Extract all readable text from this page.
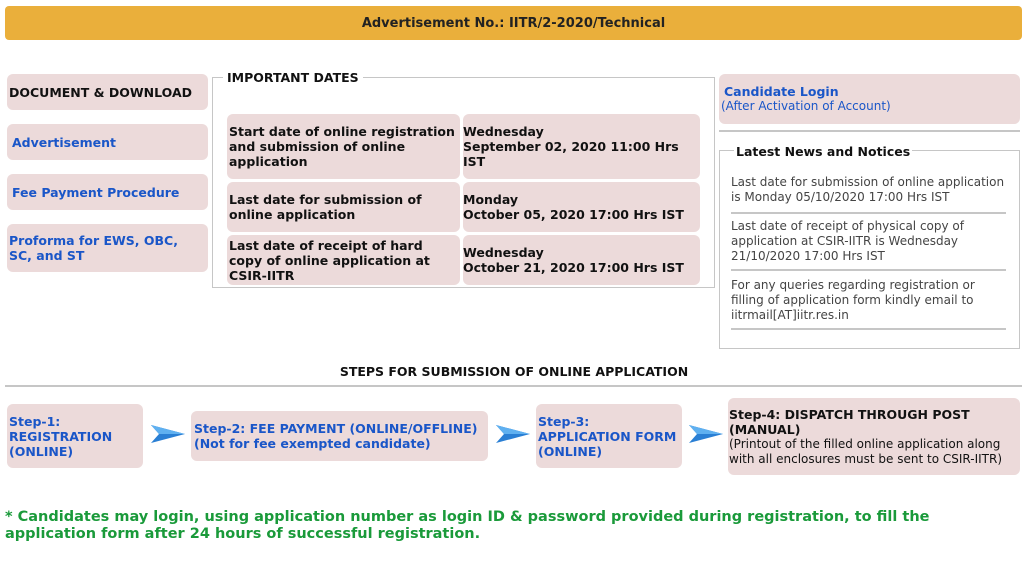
Advertisement No.: IITR/2-2020/Technical
DOCUMENT & DOWNLOAD
Advertisement
Fee Payment Procedure
Proforma for EWS, OBC, SC, and ST
IMPORTANT DATES
Start date of online registration and submission of online application
Wednesday
September 02, 2020 11:00 Hrs IST
Last date for submission of online application
Monday
October 05, 2020 17:00 Hrs IST
Last date of receipt of hard copy of online application at CSIR-IITR
Wednesday
October 21, 2020 17:00 Hrs IST
Candidate Login
(After Activation of Account)
Latest News and Notices
Last date for submission of online application is Monday 05/10/2020 17:00 Hrs IST
Last date of receipt of physical copy of application at CSIR-IITR is Wednesday 21/10/2020 17:00 Hrs IST
For any queries regarding registration or filling of application form kindly email to iitrmail[AT]iitr.res.in
STEPS FOR SUBMISSION OF ONLINE APPLICATION
Step-1:
REGISTRATION
(ONLINE)
Step-2: FEE PAYMENT (ONLINE/OFFLINE)
(Not for fee exempted candidate)
Step-3:
APPLICATION FORM
(ONLINE)
Step-4: DISPATCH THROUGH POST
(MANUAL)
(Printout of the filled online application along with all enclosures must be sent to CSIR-IITR)
* Candidates may login, using application number as login ID & password provided during registration, to fill the application form after 24 hours of successful registration.
